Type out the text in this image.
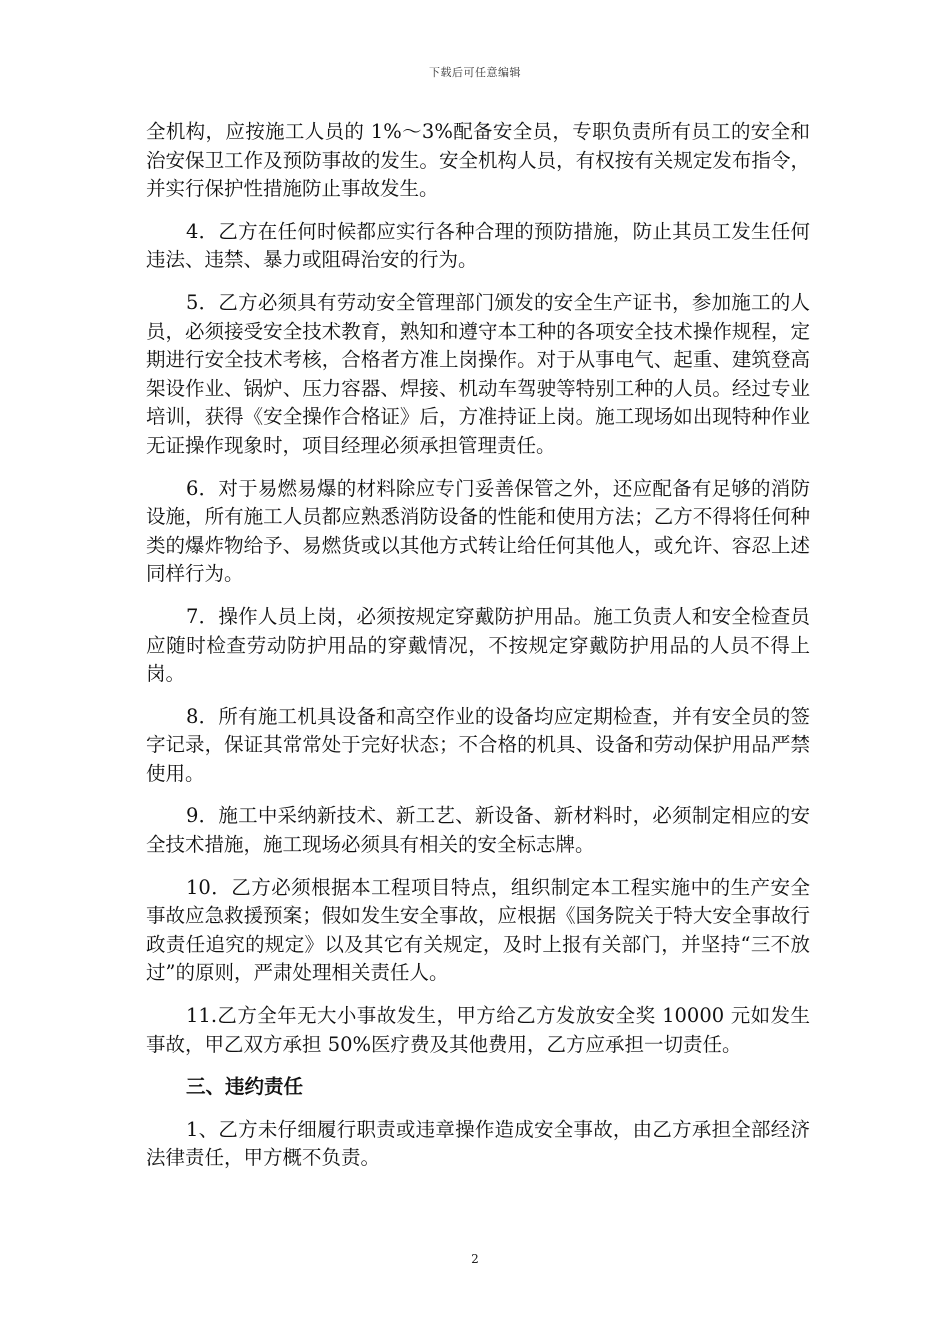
下载后可任意编辑

全机构，应按施工人员的 1%～3%配备安全员，专职负责所有员工的安全和治安保卫工作及预防事故的发生。安全机构人员，有权按有关规定发布指令，并实行保护性措施防止事故发生。

4．乙方在任何时候都应实行各种合理的预防措施，防止其员工发生任何违法、违禁、暴力或阻碍治安的行为。

5．乙方必须具有劳动安全管理部门颁发的安全生产证书，参加施工的人员，必须接受安全技术教育，熟知和遵守本工种的各项安全技术操作规程，定期进行安全技术考核，合格者方准上岗操作。对于从事电气、起重、建筑登高架设作业、锅炉、压力容器、焊接、机动车驾驶等特别工种的人员。经过专业培训，获得《安全操作合格证》后，方准持证上岗。施工现场如出现特种作业无证操作现象时，项目经理必须承担管理责任。

6．对于易燃易爆的材料除应专门妥善保管之外，还应配备有足够的消防设施，所有施工人员都应熟悉消防设备的性能和使用方法；乙方不得将任何种类的爆炸物给予、易燃货或以其他方式转让给任何其他人，或允许、容忍上述同样行为。

7．操作人员上岗，必须按规定穿戴防护用品。施工负责人和安全检查员应随时检查劳动防护用品的穿戴情况，不按规定穿戴防护用品的人员不得上岗。

8．所有施工机具设备和高空作业的设备均应定期检查，并有安全员的签字记录，保证其常常处于完好状态；不合格的机具、设备和劳动保护用品严禁使用。

9．施工中采纳新技术、新工艺、新设备、新材料时，必须制定相应的安全技术措施，施工现场必须具有相关的安全标志牌。

10．乙方必须根据本工程项目特点，组织制定本工程实施中的生产安全事故应急救援预案；假如发生安全事故，应根据《国务院关于特大安全事故行政责任追究的规定》以及其它有关规定，及时上报有关部门，并坚持“三不放过”的原则，严肃处理相关责任人。

11.乙方全年无大小事故发生，甲方给乙方发放安全奖 10000 元如发生事故，甲乙双方承担 50%医疗费及其他费用，乙方应承担一切责任。

三、违约责任

1、乙方未仔细履行职责或违章操作造成安全事故，由乙方承担全部经济法律责任，甲方概不负责。

2
